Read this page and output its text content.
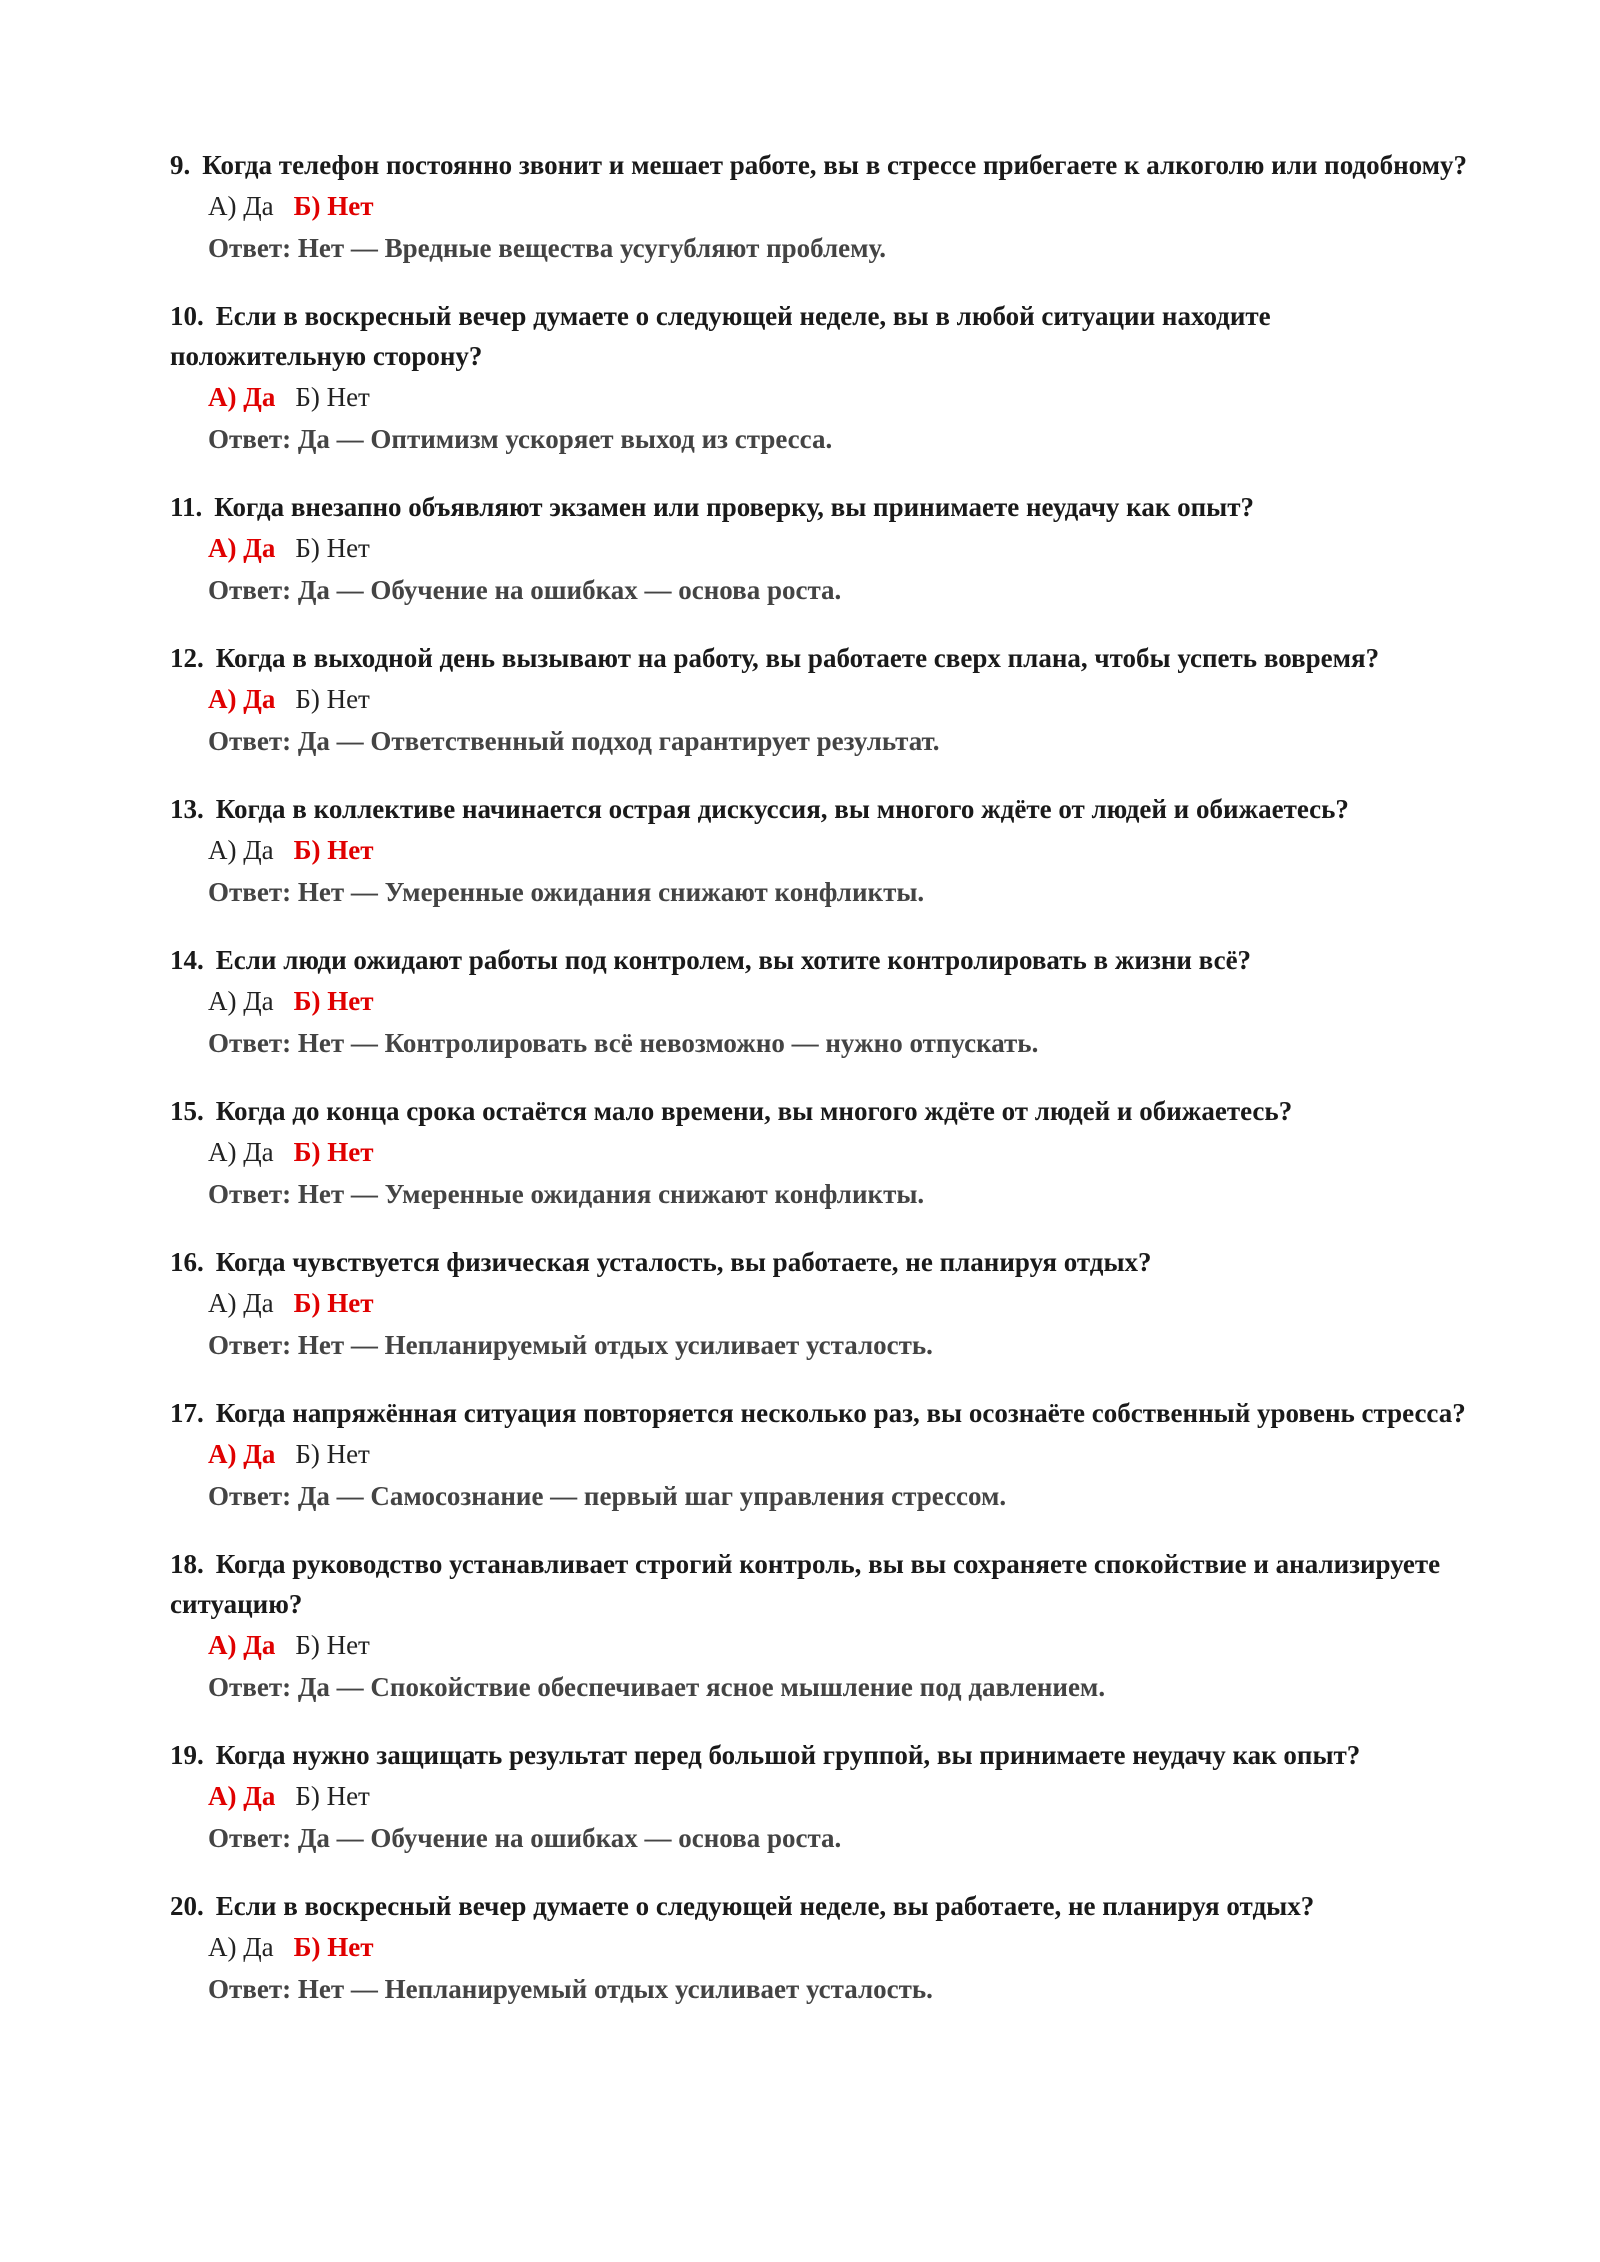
9. Когда телефон постоянно звонит и мешает работе, вы в стрессе прибегаете к алкоголю или подобному?

А) Да Б) Нет

Ответ: Нет — Вредные вещества усугубляют проблему.

10. Если в воскресный вечер думаете о следующей неделе, вы в любой ситуации находите положительную сторону?

А) Да Б) Нет

Ответ: Да — Оптимизм ускоряет выход из стресса.

11. Когда внезапно объявляют экзамен или проверку, вы принимаете неудачу как опыт?

А) Да Б) Нет

Ответ: Да — Обучение на ошибках — основа роста.

12. Когда в выходной день вызывают на работу, вы работаете сверх плана, чтобы успеть вовремя?

А) Да Б) Нет

Ответ: Да — Ответственный подход гарантирует результат.

13. Когда в коллективе начинается острая дискуссия, вы многого ждёте от людей и обижаетесь?

А) Да Б) Нет

Ответ: Нет — Умеренные ожидания снижают конфликты.

14. Если люди ожидают работы под контролем, вы хотите контролировать в жизни всё?

А) Да Б) Нет

Ответ: Нет — Контролировать всё невозможно — нужно отпускать.

15. Когда до конца срока остаётся мало времени, вы многого ждёте от людей и обижаетесь?

А) Да Б) Нет

Ответ: Нет — Умеренные ожидания снижают конфликты.

16. Когда чувствуется физическая усталость, вы работаете, не планируя отдых?

А) Да Б) Нет

Ответ: Нет — Непланируемый отдых усиливает усталость.

17. Когда напряжённая ситуация повторяется несколько раз, вы осознаёте собственный уровень стресса?

А) Да Б) Нет

Ответ: Да — Самосознание — первый шаг управления стрессом.

18. Когда руководство устанавливает строгий контроль, вы вы сохраняете спокойствие и анализируете ситуацию?

А) Да Б) Нет

Ответ: Да — Спокойствие обеспечивает ясное мышление под давлением.

19. Когда нужно защищать результат перед большой группой, вы принимаете неудачу как опыт?

А) Да Б) Нет

Ответ: Да — Обучение на ошибках — основа роста.

20. Если в воскресный вечер думаете о следующей неделе, вы работаете, не планируя отдых?

А) Да Б) Нет

Ответ: Нет — Непланируемый отдых усиливает усталость.
